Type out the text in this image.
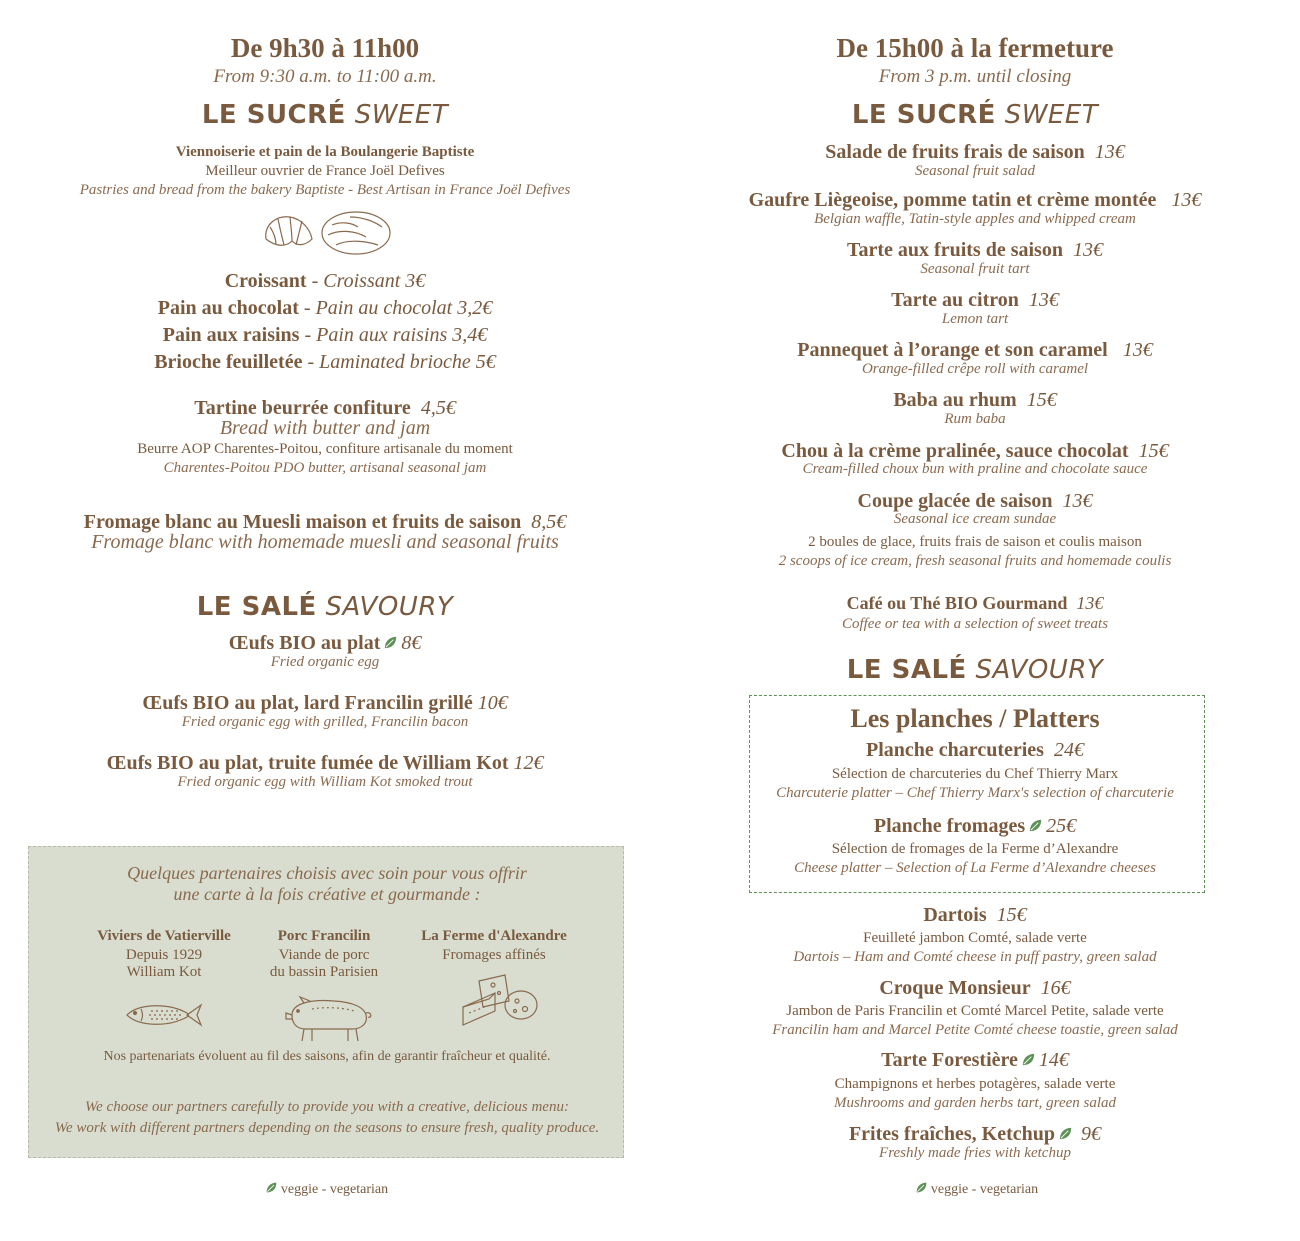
De 9h30 à 11h00
From 9:30 a.m. to 11:00 a.m.
LE SUCRÉ SWEET
Viennoiserie et pain de la Boulangerie Baptiste
Meilleur ouvrier de France Joël Defives
Pastries and bread from the bakery Baptiste - Best Artisan in France Joël Defives
Croissant - Croissant 3€
Pain au chocolat - Pain au chocolat 3,2€
Pain aux raisins - Pain aux raisins 3,4€
Brioche feuilletée - Laminated brioche 5€
Tartine beurrée confiture 4,5€
Bread with butter and jam
Beurre AOP Charentes-Poitou, confiture artisanale du moment
Charentes-Poitou PDO butter, artisanal seasonal jam
Fromage blanc au Muesli maison et fruits de saison 8,5€
Fromage blanc with homemade muesli and seasonal fruits
LE SALÉ SAVOURY
Œufs BIO au plat 8€
Fried organic egg
Œufs BIO au plat, lard Francilin grillé 10€
Fried organic egg with grilled, Francilin bacon
Œufs BIO au plat, truite fumée de William Kot 12€
Fried organic egg with William Kot smoked trout
Quelques partenaires choisis avec soin pour vous offrir
une carte à la fois créative et gourmande :
Viviers de Vatierville
Depuis 1929
William Kot
Porc Francilin
Viande de porc
du bassin Parisien
La Ferme d'Alexandre
Fromages affinés
Nos partenariats évoluent au fil des saisons, afin de garantir fraîcheur et qualité.
We choose our partners carefully to provide you with a creative, delicious menu:
We work with different partners depending on the seasons to ensure fresh, quality produce.
veggie - vegetarian
De 15h00 à la fermeture
From 3 p.m. until closing
LE SUCRÉ SWEET
Salade de fruits frais de saison 13€
Seasonal fruit salad
Gaufre Liègeoise, pomme tatin et crème montée 13€
Belgian waffle, Tatin-style apples and whipped cream
Tarte aux fruits de saison 13€
Seasonal fruit tart
Tarte au citron 13€
Lemon tart
Pannequet à l’orange et son caramel 13€
Orange-filled crêpe roll with caramel
Baba au rhum 15€
Rum baba
Chou à la crème pralinée, sauce chocolat 15€
Cream-filled choux bun with praline and chocolate sauce
Coupe glacée de saison 13€
Seasonal ice cream sundae
2 boules de glace, fruits frais de saison et coulis maison
2 scoops of ice cream, fresh seasonal fruits and homemade coulis
Café ou Thé BIO Gourmand 13€
Coffee or tea with a selection of sweet treats
LE SALÉ SAVOURY
Les planches / Platters
Planche charcuteries 24€
Sélection de charcuteries du Chef Thierry Marx
Charcuterie platter – Chef Thierry Marx's selection of charcuterie
Planche fromages 25€
Sélection de fromages de la Ferme d’Alexandre
Cheese platter – Selection of La Ferme d’Alexandre cheeses
Dartois 15€
Feuilleté jambon Comté, salade verte
Dartois – Ham and Comté cheese in puff pastry, green salad
Croque Monsieur 16€
Jambon de Paris Francilin et Comté Marcel Petite, salade verte
Francilin ham and Marcel Petite Comté cheese toastie, green salad
Tarte Forestière 14€
Champignons et herbes potagères, salade verte
Mushrooms and garden herbs tart, green salad
Frites fraîches, Ketchup 9€
Freshly made fries with ketchup
veggie - vegetarian
